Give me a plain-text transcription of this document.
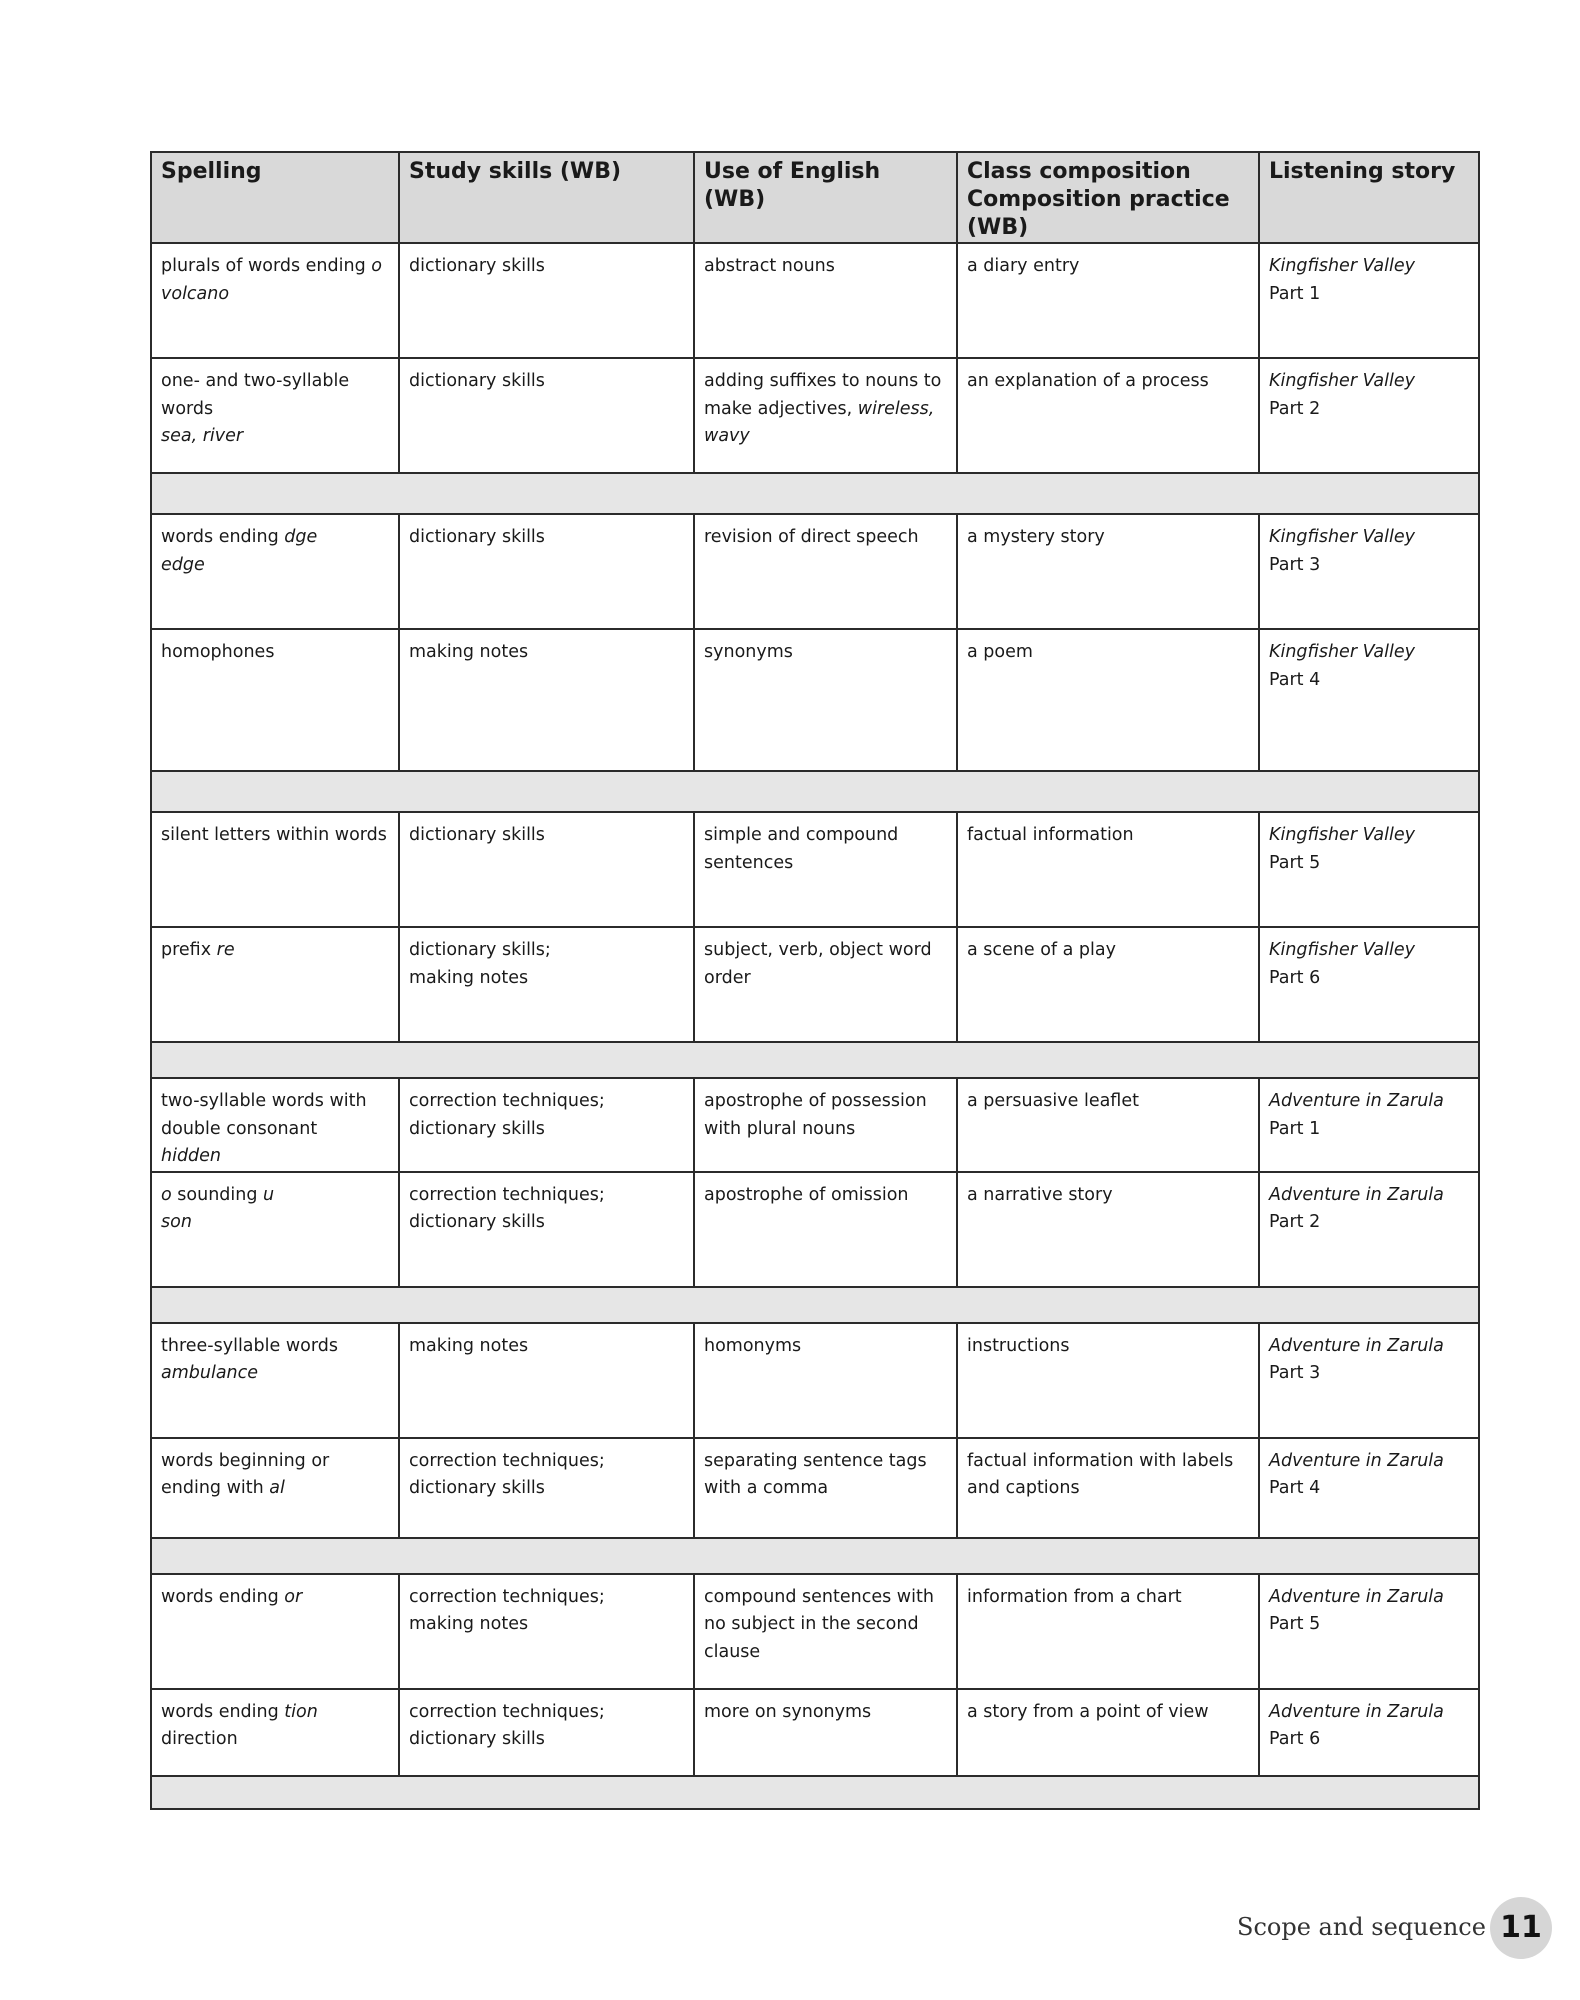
Spelling	Study skills (WB)	Use of English (WB)	Class composition
Composition practice (WB)	Listening story

plurals of words ending o
volcano	dictionary skills	abstract nouns	a diary entry	Kingfisher Valley
Part 1

one- and two-syllable
words
sea, river	dictionary skills	adding suffixes to nouns to
make adjectives, wireless,
wavy	an explanation of a process	Kingfisher Valley
Part 2

words ending dge
edge	dictionary skills	revision of direct speech	a mystery story	Kingfisher Valley
Part 3

homophones	making notes	synonyms	a poem	Kingfisher Valley
Part 4

silent letters within words	dictionary skills	simple and compound
sentences	factual information	Kingfisher Valley
Part 5

prefix re	dictionary skills;
making notes	subject, verb, object word
order	a scene of a play	Kingfisher Valley
Part 6

two-syllable words with
double consonant
hidden	correction techniques;
dictionary skills	apostrophe of possession
with plural nouns	a persuasive leaflet	Adventure in Zarula
Part 1

o sounding u
son	correction techniques;
dictionary skills	apostrophe of omission	a narrative story	Adventure in Zarula
Part 2

three-syllable words
ambulance	making notes	homonyms	instructions	Adventure in Zarula
Part 3

words beginning or
ending with al	correction techniques;
dictionary skills	separating sentence tags
with a comma	factual information with labels
and captions	Adventure in Zarula
Part 4

words ending or	correction techniques;
making notes	compound sentences with
no subject in the second
clause	information from a chart	Adventure in Zarula
Part 5

words ending tion
direction	correction techniques;
dictionary skills	more on synonyms	a story from a point of view	Adventure in Zarula
Part 6

Scope and sequence 11
